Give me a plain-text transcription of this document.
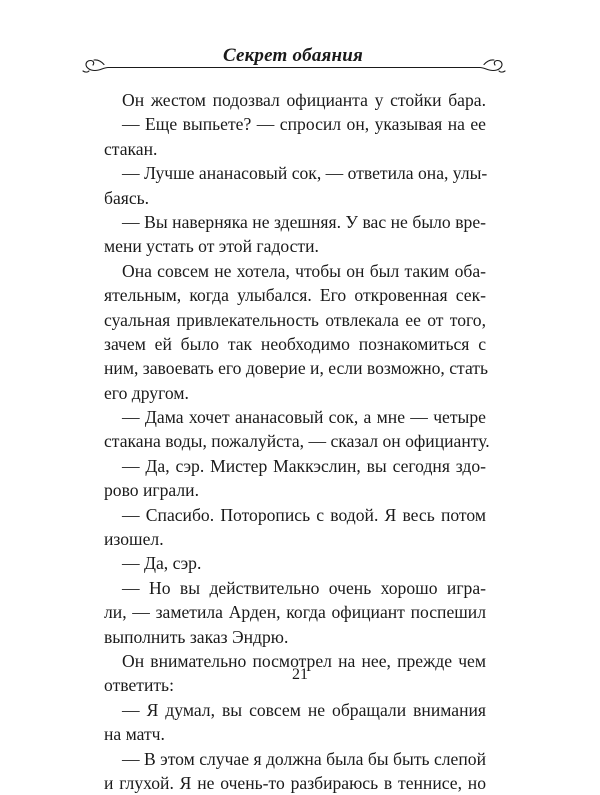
Секрет обаяния
Он жестом подозвал официанта у стойки бара.
— Еще выпьете? — спросил он, указывая на ее
стакан.
— Лучше ананасовый сок, — ответила она, улы-
баясь.
— Вы наверняка не здешняя. У вас не было вре-
мени устать от этой гадости.
Она совсем не хотела, чтобы он был таким оба-
ятельным, когда улыбался. Его откровенная сек-
суальная привлекательность отвлекала ее от того,
зачем ей было так необходимо познакомиться с
ним, завоевать его доверие и, если возможно, стать
его другом.
— Дама хочет ананасовый сок, а мне — четыре
стакана воды, пожалуйста, — сказал он официанту.
— Да, сэр. Мистер Маккэслин, вы сегодня здо-
рово играли.
— Спасибо. Поторопись с водой. Я весь потом
изошел.
— Да, сэр.
— Но вы действительно очень хорошо игра-
ли, — заметила Арден, когда официант поспешил
выполнить заказ Эндрю.
Он внимательно посмотрел на нее, прежде чем
ответить:
— Я думал, вы совсем не обращали внимания
на матч.
— В этом случае я должна была бы быть слепой
и глухой. Я не очень-то разбираюсь в теннисе, но
21
